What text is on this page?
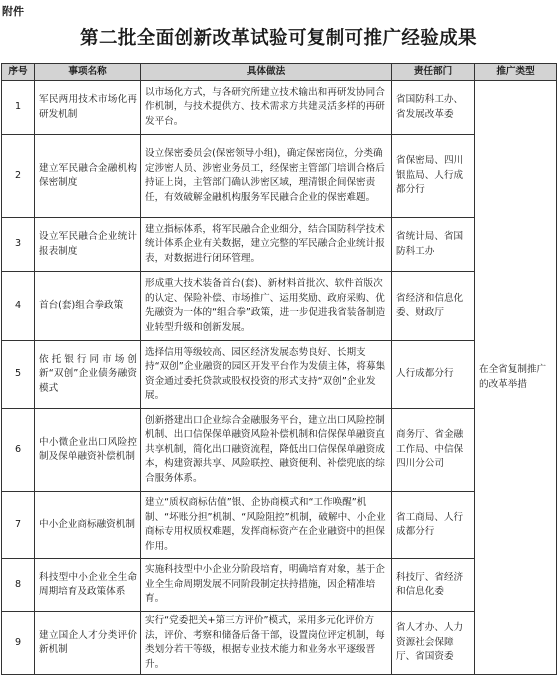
附件
第二批全面创新改革试验可复制可推广经验成果
序号	事项名称	具体做法	责任部门	推广类型
1	军民两用技术市场化再研发机制	以市场化方式，与各研究所建立技术输出和再研发协同合作机制，与技术提供方、技术需求方共建灵活多样的再研发平台。	省国防科工办、省发展改革委	在全省复制推广的改革举措
2	建立军民融合金融机构保密制度	设立保密委员会(保密领导小组)，确定保密岗位，分类确定涉密人员、涉密业务员工，经保密主管部门培训合格后持证上岗，主管部门确认涉密区域，理清银企间保密责任，有效破解金融机构服务军民融合企业的保密难题。	省保密局、四川银监局、人行成都分行	
3	设立军民融合企业统计报表制度	建立指标体系，将军民融合企业细分，结合国防科学技术统计体系企业有关数据，建立完整的军民融合企业统计报表，对数据进行闭环管理。	省统计局、省国防科工办	
4	首台(套)组合拳政策	形成重大技术装备首台(套)、新材料首批次、软件首版次的认定、保险补偿、市场推广、运用奖励、政府采购、优先融资为一体的“组合拳”政策，进一步促进我省装备制造业转型升级和创新发展。	省经济和信息化委、财政厅	
5	依托银行同市场创新“双创”企业债务融资模式	选择信用等级较高、园区经济发展态势良好、长期支持“双创”企业融资的园区开发平台作为发债主体，将募集资金通过委托贷款或股权投资的形式支持“双创”企业发展。	人行成都分行	
6	中小微企业出口风险控制及保单融资补偿机制	创新搭建出口企业综合金融服务平台，建立出口风险控制机制、出口信保保单融资风险补偿机制和信保保单融资直共享机制，简化出口融资流程，降低出口信保保单融资成本，构建资源共享、风险联控、融资便利、补偿兜底的综合服务体系。	商务厅、省金融工作局、中信保四川分公司	
7	中小企业商标融资机制	建立“质权商标估值”银、企协商模式和“工作唤醒”机制、“坏账分担”机制、“风险阻控”机制，破解中、小企业商标专用权质权难题，发挥商标资产在企业融资中的担保作用。	省工商局、人行成都分行	
8	科技型中小企业全生命周期培育及政策体系	实施科技型中小企业分阶段培育，明确培育对象，基于企业全生命周期发展不同阶段制定扶持措施，因企精准培育。	科技厅、省经济和信息化委	
9	建立国企人才分类评价新机制	实行“党委把关+第三方评价”模式，采用多元化评价方法，评价、考察和储备后备干部，设置岗位评定机制，每类划分若干等级，根据专业技术能力和业务水平逐级晋升。	省人才办、人力资源社会保障厅、省国资委	
